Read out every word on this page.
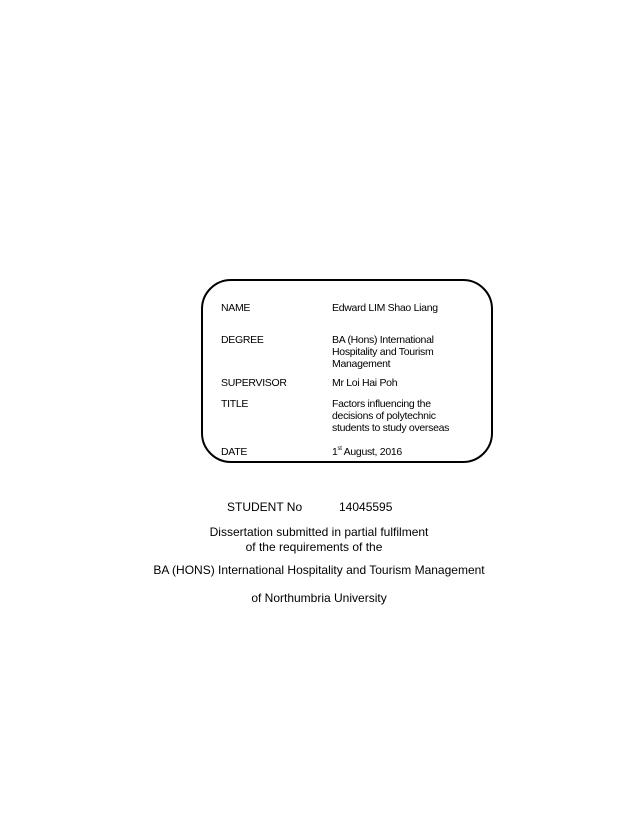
NAME	Edward LIM Shao Liang
DEGREE	BA (Hons) International
Hospitality and Tourism
Management
SUPERVISOR	Mr Loi Hai Poh
TITLE	Factors influencing the
decisions of polytechnic
students to study overseas
DATE	1st August, 2016
STUDENT No	14045595
Dissertation submitted in partial fulfilment
of the requirements of the
BA (HONS) International Hospitality and Tourism Management
of Northumbria University
